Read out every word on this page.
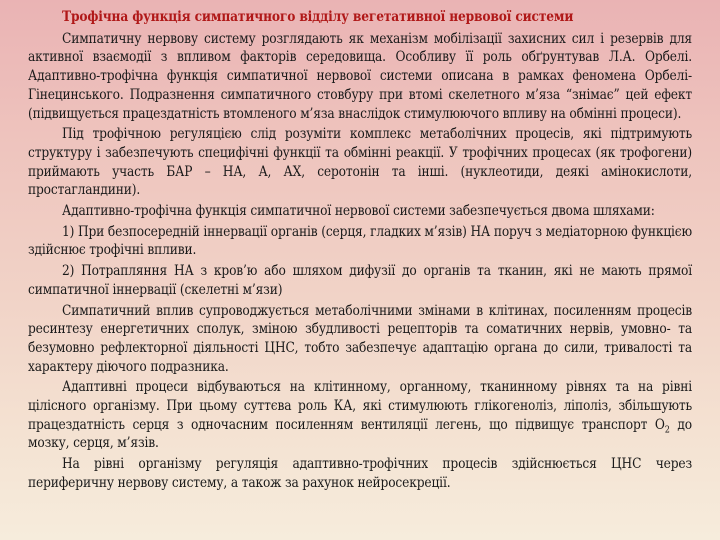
Трофічна функція симпатичного відділу вегетативної нервової системи

Симпатичну нервову систему розглядають як механізм мобілізації захисних сил і резервів для активної взаємодії з впливом факторів середовища. Особливу її роль обґрунтував Л.А. Орбелі. Адаптивно-трофічна функція симпатичної нервової системи описана в рамках феномена Орбелі-Гінецинського. Подразнення симпатичного стовбуру при втомі скелетного м’яза “знімає” цей ефект (підвищується працездатність втомленого м’яза внаслідок стимулюючого впливу на обмінні процеси).

Під трофічною регуляцією слід розуміти комплекс метаболічних процесів, які підтримують структуру і забезпечують специфічні функції та обмінні реакції. У трофічних процесах (як трофогени) приймають участь БАР – НА, А, АХ, серотонін та інші. (нуклеотиди, деякі амінокислоти, простагландини).

Адаптивно-трофічна функція симпатичної нервової системи забезпечується двома шляхами:

1) При безпосередній іннервації органів (серця, гладких м’язів) НА поруч з медіаторною функцією здійснює трофічні впливи.

2) Потрапляння НА з кров’ю або шляхом дифузії до органів та тканин, які не мають прямої симпатичної іннервації (скелетні м’язи)

Симпатичний вплив супроводжується метаболічними змінами в клітинах, посиленням процесів ресинтезу енергетичних сполук, зміною збудливості рецепторів та соматичних нервів, умовно- та безумовно рефлекторної діяльності ЦНС, тобто забезпечує адаптацію органа до сили, тривалості та характеру діючого подразника.

Адаптивні процеси відбуваються на клітинному, органному, тканинному рівнях та на рівні цілісного організму. При цьому суттєва роль КА, які стимулюють глікогеноліз, ліполіз, збільшують працездатність серця з одночасним посиленням вентиляції легень, що підвищує транспорт $О_2$ до мозку, серця, м’язів.

На рівні організму регуляція адаптивно-трофічних процесів здійснюється ЦНС через периферичну нервову систему, а також за рахунок нейросекреції.
